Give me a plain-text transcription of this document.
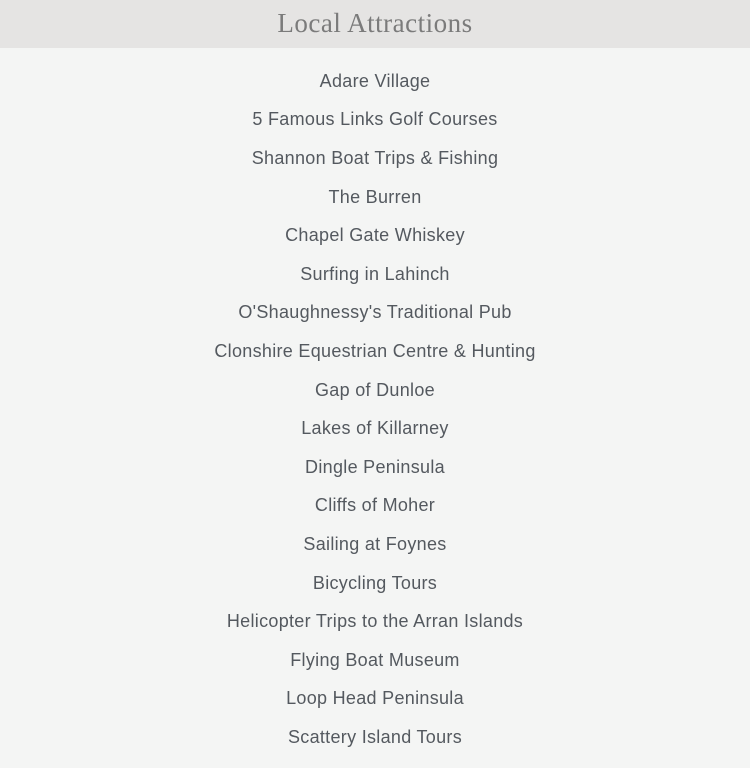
Local Attractions
Adare Village
5 Famous Links Golf Courses
Shannon Boat Trips & Fishing
The Burren
Chapel Gate Whiskey
Surfing in Lahinch
O'Shaughnessy's Traditional Pub
Clonshire Equestrian Centre & Hunting
Gap of Dunloe
Lakes of Killarney
Dingle Peninsula
Cliffs of Moher
Sailing at Foynes
Bicycling Tours
Helicopter Trips to the Arran Islands
Flying Boat Museum
Loop Head Peninsula
Scattery Island Tours
